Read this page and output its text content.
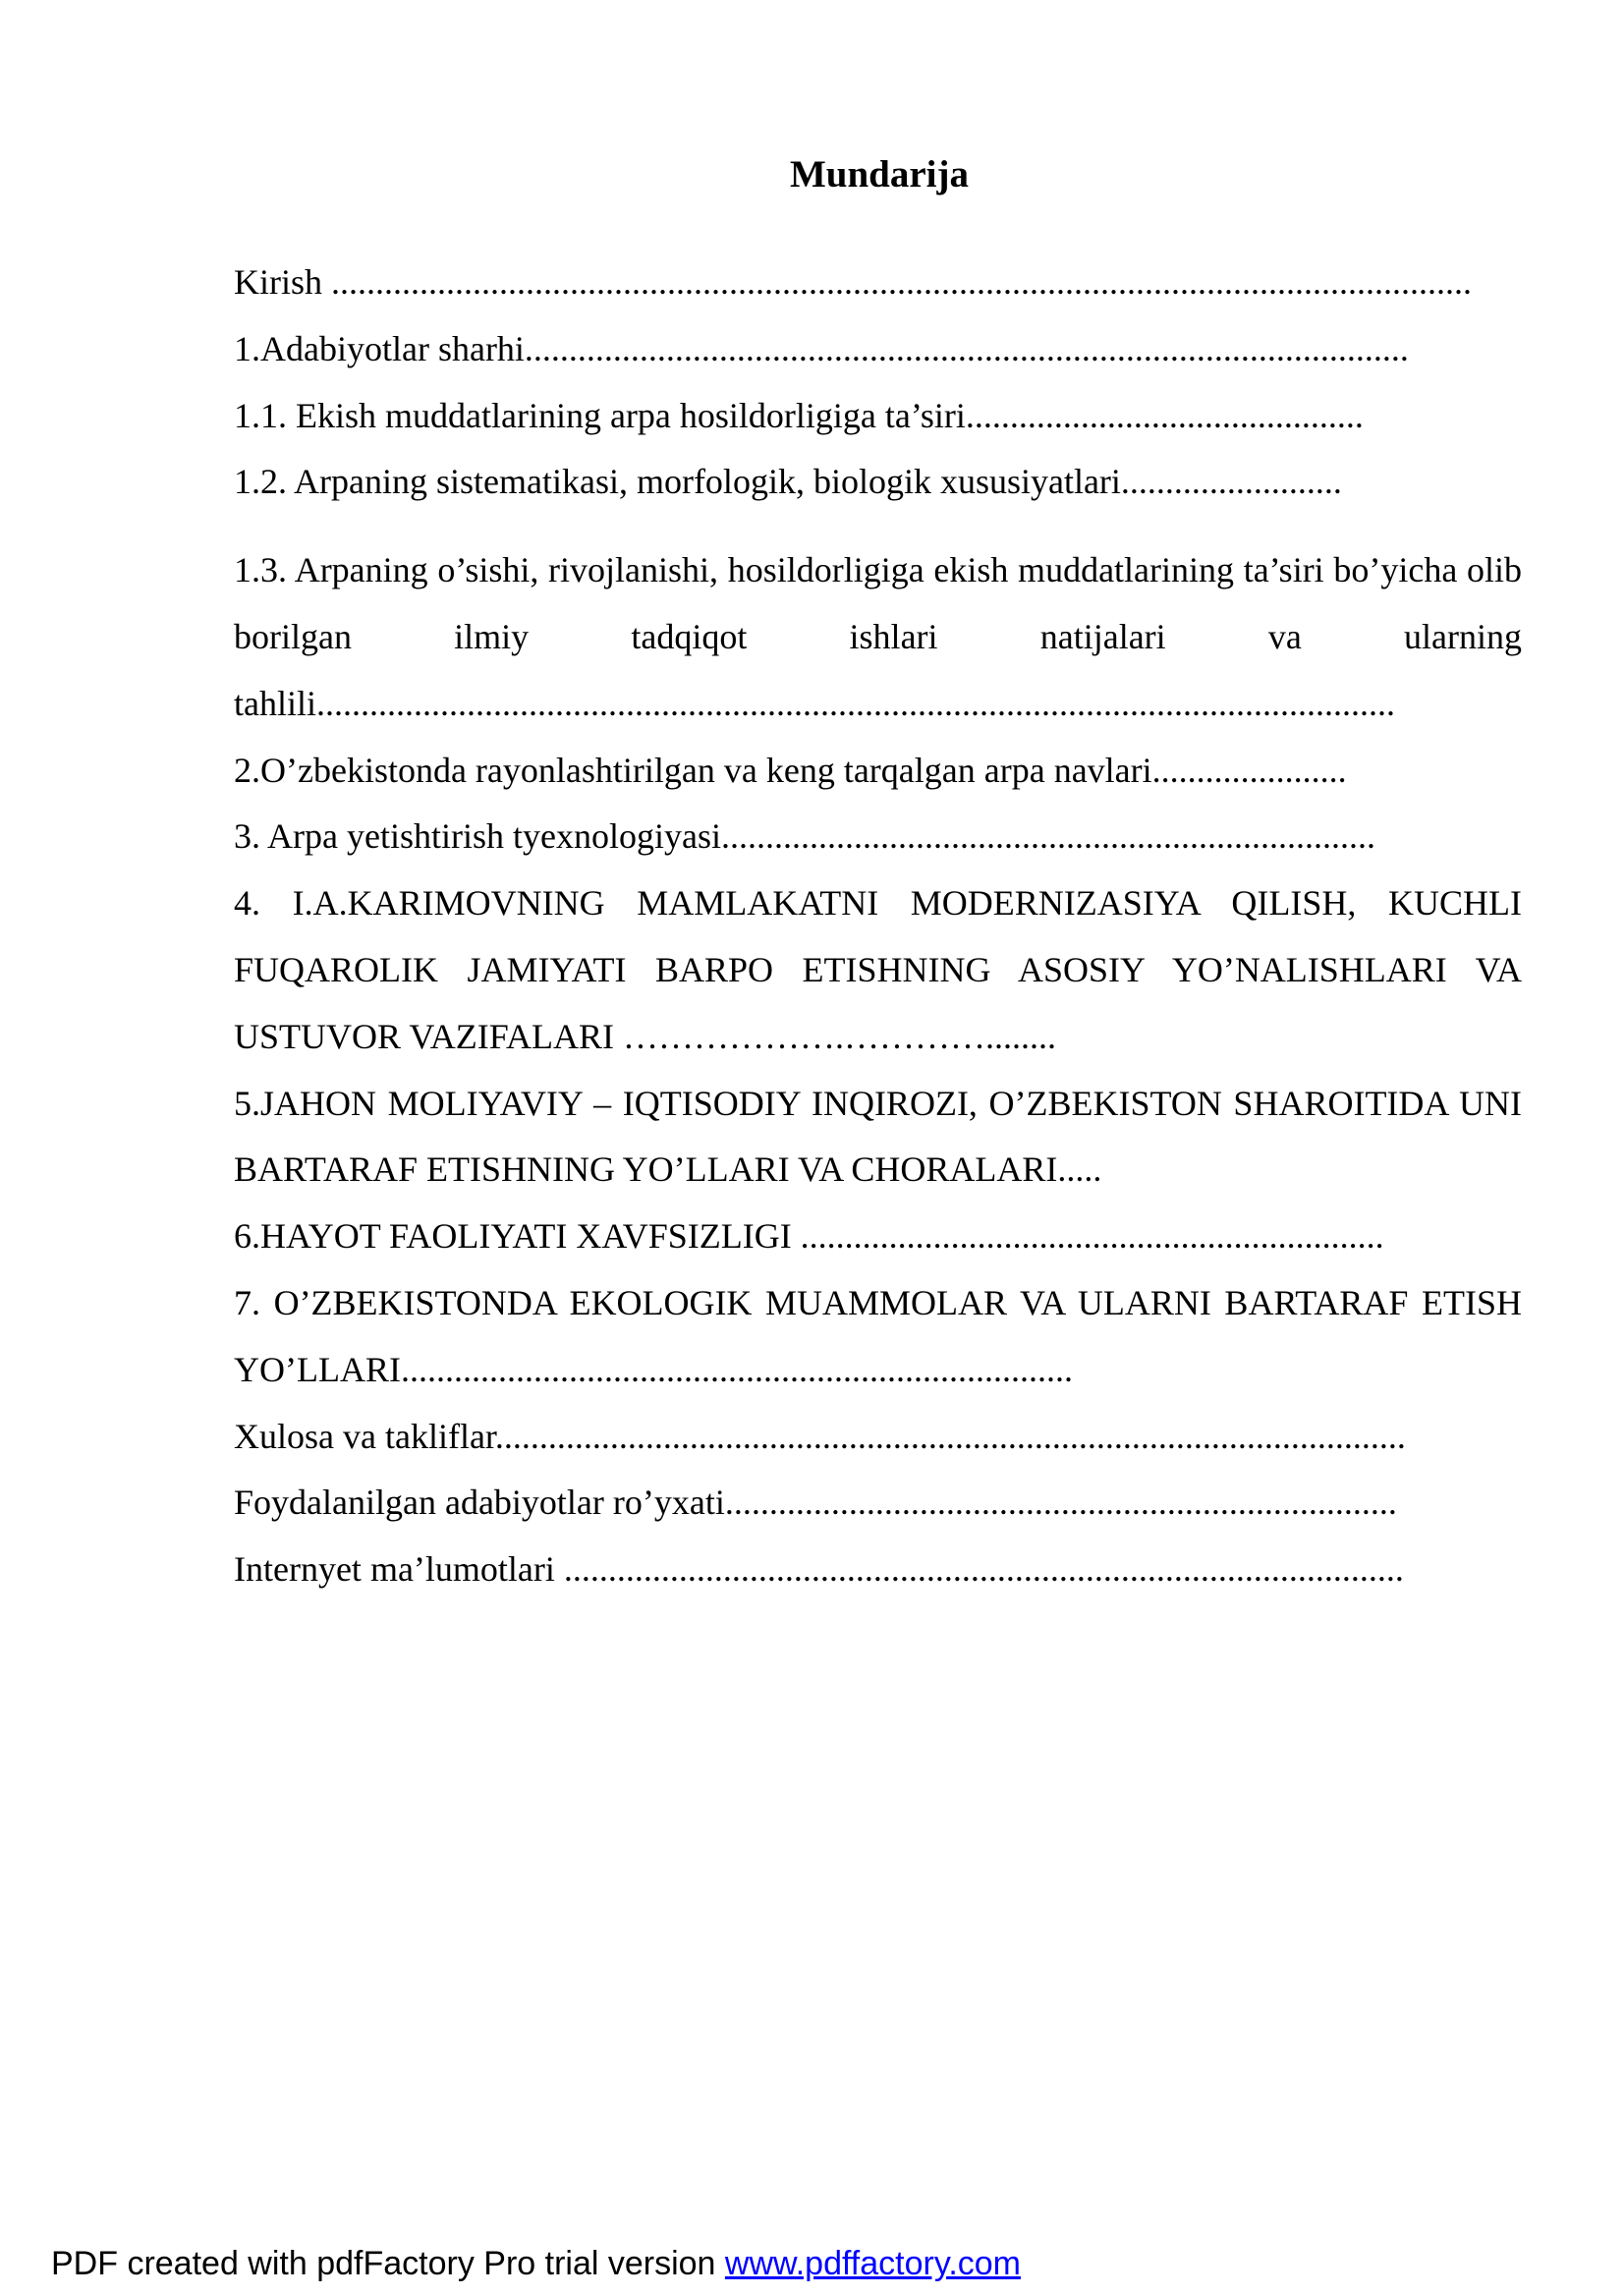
Mundarija

Kirish .................................................................................................................................

1.Adabiyotlar sharhi....................................................................................................

1.1. Ekish muddatlarining arpa hosildorligiga ta’siri.............................................

1.2. Arpaning sistematikasi, morfologik, biologik xususiyatlari.........................

1.3. Arpaning o’sishi, rivojlanishi, hosildorligiga ekish muddatlarining ta’siri bo’yicha olib borilgan ilmiy tadqiqot ishlari natijalari va ularning tahlili..........................................................................................................................

2.O’zbekistonda rayonlashtirilgan va keng tarqalgan arpa navlari......................

3. Arpa yetishtirish tyexnologiyasi..........................................................................

4. I.A.KARIMOVNING MAMLAKATNI MODERNIZASIYA QILISH, KUCHLI FUQAROLIK JAMIYATI BARPO ETISHNING ASOSIY YO’NALISHLARI VA USTUVOR VAZIFALARI ……………….…………........

5.JAHON MOLIYAVIY – IQTISODIY INQIROZI, O’ZBEKISTON SHAROITIDA UNI BARTARAF ETISHNING YO’LLARI VA CHORALARI.....

6.HAYOT FAOLIYATI XAVFSIZLIGI ..................................................................

7. O’ZBEKISTONDA EKOLOGIK MUAMMOLAR VA ULARNI BARTARAF ETISH YO’LLARI............................................................................

Xulosa va takliflar.......................................................................................................

Foydalanilgan adabiyotlar ro’yxati............................................................................

Internyet ma’lumotlari ...............................................................................................

PDF created with pdfFactory Pro trial version www.pdffactory.com
